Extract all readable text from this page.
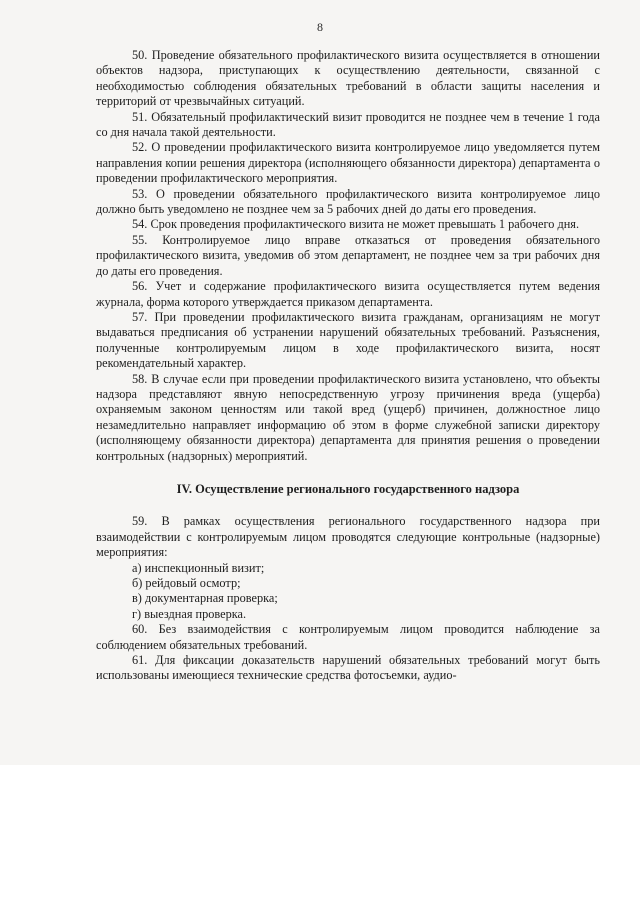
8

50. Проведение обязательного профилактического визита осуществляется в отношении объектов надзора, приступающих к осуществлению деятельности, связанной с необходимостью соблюдения обязательных требований в области защиты населения и территорий от чрезвычайных ситуаций.

51. Обязательный профилактический визит проводится не позднее чем в течение 1 года со дня начала такой деятельности.

52. О проведении профилактического визита контролируемое лицо уведомляется путем направления копии решения директора (исполняющего обязанности директора) департамента о проведении профилактического мероприятия.

53. О проведении обязательного профилактического визита контролируемое лицо должно быть уведомлено не позднее чем за 5 рабочих дней до даты его проведения.

54. Срок проведения профилактического визита не может превышать 1 рабочего дня.

55. Контролируемое лицо вправе отказаться от проведения обязательного профилактического визита, уведомив об этом департамент, не позднее чем за три рабочих дня до даты его проведения.

56. Учет и содержание профилактического визита осуществляется путем ведения журнала, форма которого утверждается приказом департамента.

57. При проведении профилактического визита гражданам, организациям не могут выдаваться предписания об устранении нарушений обязательных требований. Разъяснения, полученные контролируемым лицом в ходе профилактического визита, носят рекомендательный характер.

58. В случае если при проведении профилактического визита установлено, что объекты надзора представляют явную непосредственную угрозу причинения вреда (ущерба) охраняемым законом ценностям или такой вред (ущерб) причинен, должностное лицо незамедлительно направляет информацию об этом в форме служебной записки директору (исполняющему обязанности директора) департамента для принятия решения о проведении контрольных (надзорных) мероприятий.

IV. Осуществление регионального государственного надзора

59. В рамках осуществления регионального государственного надзора при взаимодействии с контролируемым лицом проводятся следующие контрольные (надзорные) мероприятия:

а) инспекционный визит;

б) рейдовый осмотр;

в) документарная проверка;

г) выездная проверка.

60. Без взаимодействия с контролируемым лицом проводится наблюдение за соблюдением обязательных требований.

61. Для фиксации доказательств нарушений обязательных требований могут быть использованы имеющиеся технические средства фотосъемки, аудио-
